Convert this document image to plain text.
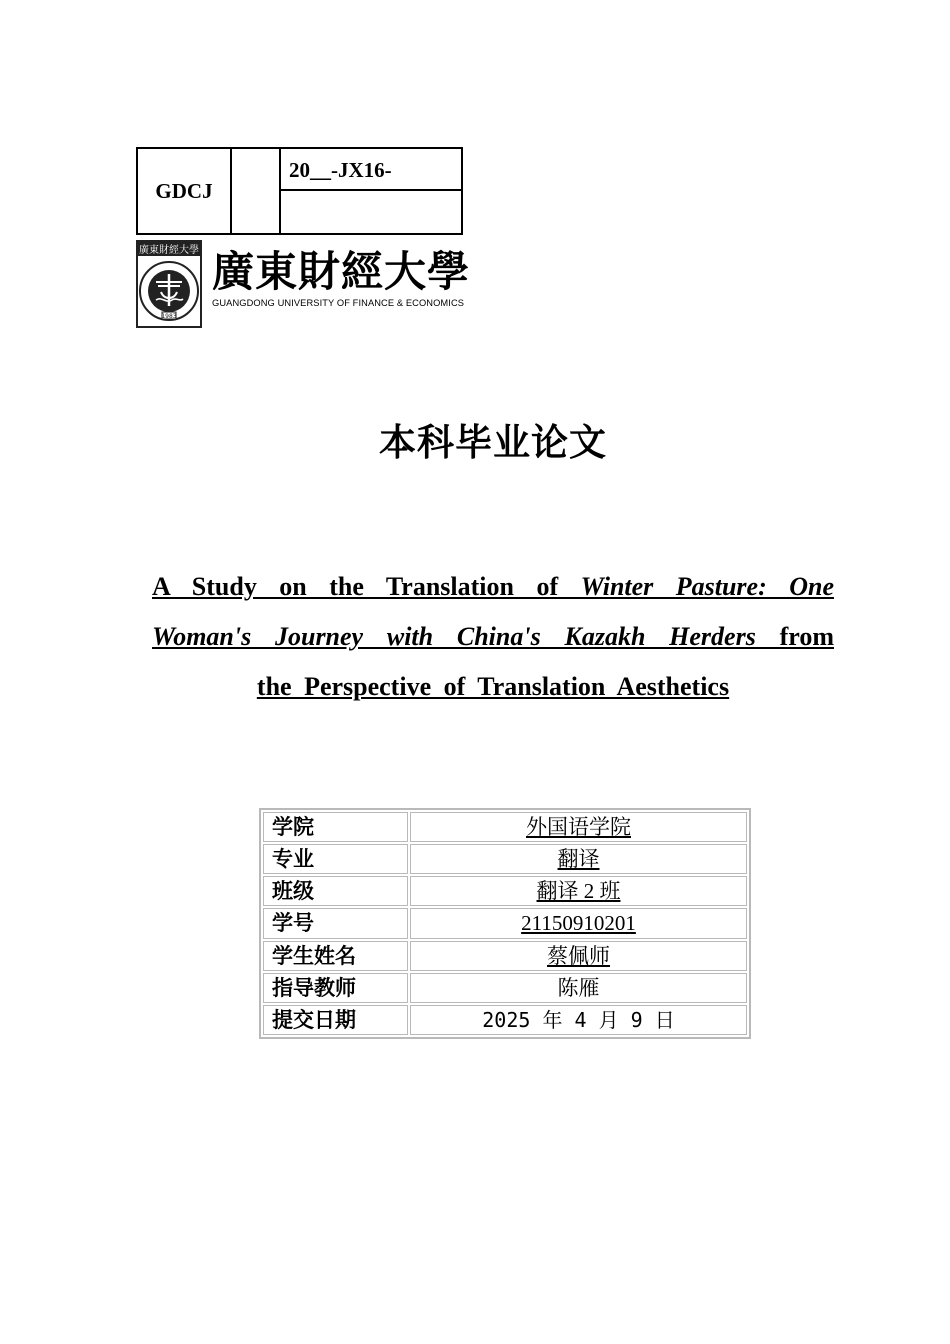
GDCJ
20__-JX16-
廣東財經大學
1983
廣東財經大學
GUANGDONG UNIVERSITY OF FINANCE & ECONOMICS
本科毕业论文
A Study on the Translation of Winter Pasture: One
Woman's Journey with China's Kazakh Herders from
the Perspective of Translation Aesthetics
学院	外国语学院
专业	翻译
班级	翻译 2 班
学号	21150910201
学生姓名	蔡佩师
指导教师	陈雁
提交日期	2025 年 4 月 9 日
